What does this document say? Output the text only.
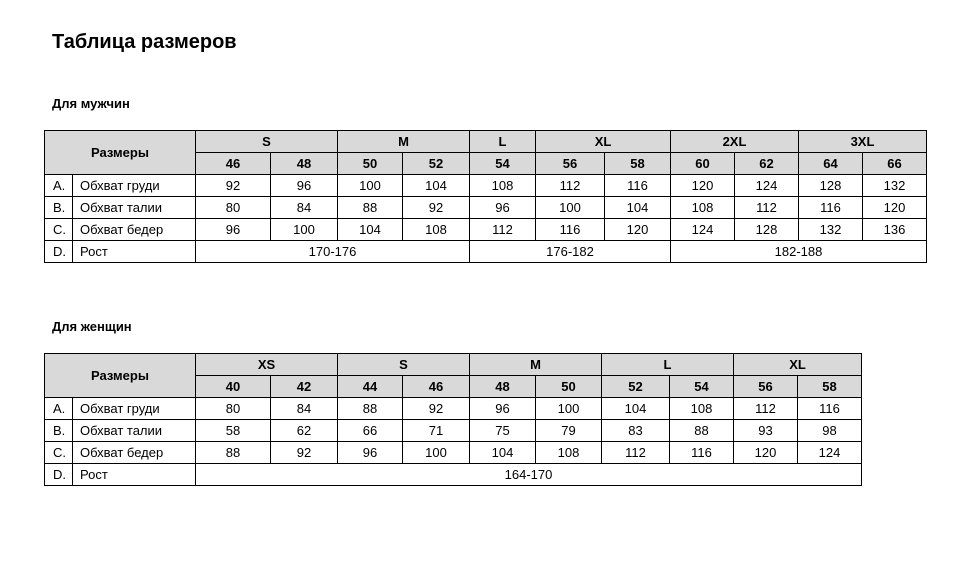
Таблица размеров
Для мужчин
Размеры		S		M		L	XL		2XL		3XL	
		46	48	50	52	54	56	58	60	62	64	66
A.	Обхват груди	92	96	100	104	108	112	116	120	124	128	132
B.	Обхват талии	80	84	88	92	96	100	104	108	112	116	120
C.	Обхват бедер	96	100	104	108	112	116	120	124	128	132	136
D.	Рост	170-176				176-182			182-188			
Для женщин
Размеры		XS		S		M		L		XL	
		40	42	44	46	48	50	52	54	56	58
A.	Обхват груди	80	84	88	92	96	100	104	108	112	116
B.	Обхват талии	58	62	66	71	75	79	83	88	93	98
C.	Обхват бедер	88	92	96	100	104	108	112	116	120	124
D.	Рост	164-170									
